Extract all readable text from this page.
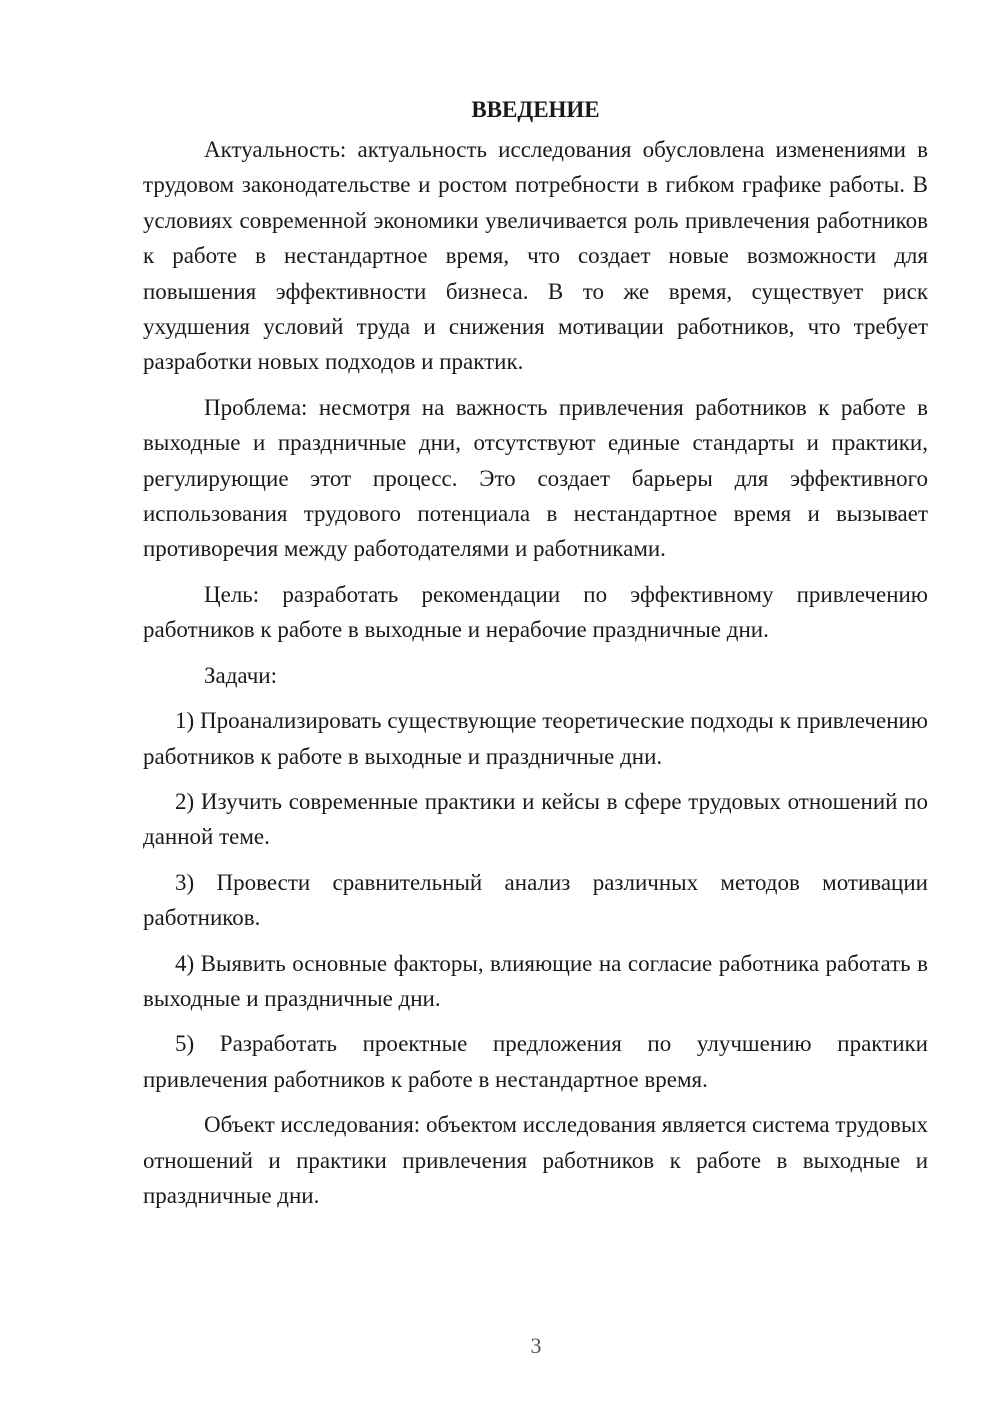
ВВЕДЕНИЕ

Актуальность: актуальность исследования обусловлена изменениями в трудовом законодательстве и ростом потребности в гибком графике работы. В условиях современной экономики увеличивается роль привлечения работников к работе в нестандартное время, что создает новые возможности для повышения эффективности бизнеса. В то же время, существует риск ухудшения условий труда и снижения мотивации работников, что требует разработки новых подходов и практик.

Проблема: несмотря на важность привлечения работников к работе в выходные и праздничные дни, отсутствуют единые стандарты и практики, регулирующие этот процесс. Это создает барьеры для эффективного использования трудового потенциала в нестандартное время и вызывает противоречия между работодателями и работниками.

Цель: разработать рекомендации по эффективному привлечению работников к работе в выходные и нерабочие праздничные дни.

Задачи:

1) Проанализировать существующие теоретические подходы к привлечению работников к работе в выходные и праздничные дни.

2) Изучить современные практики и кейсы в сфере трудовых отношений по данной теме.

3) Провести сравнительный анализ различных методов мотивации работников.

4) Выявить основные факторы, влияющие на согласие работника работать в выходные и праздничные дни.

5) Разработать проектные предложения по улучшению практики привлечения работников к работе в нестандартное время.

Объект исследования: объектом исследования является система трудовых отношений и практики привлечения работников к работе в выходные и праздничные дни.

3
